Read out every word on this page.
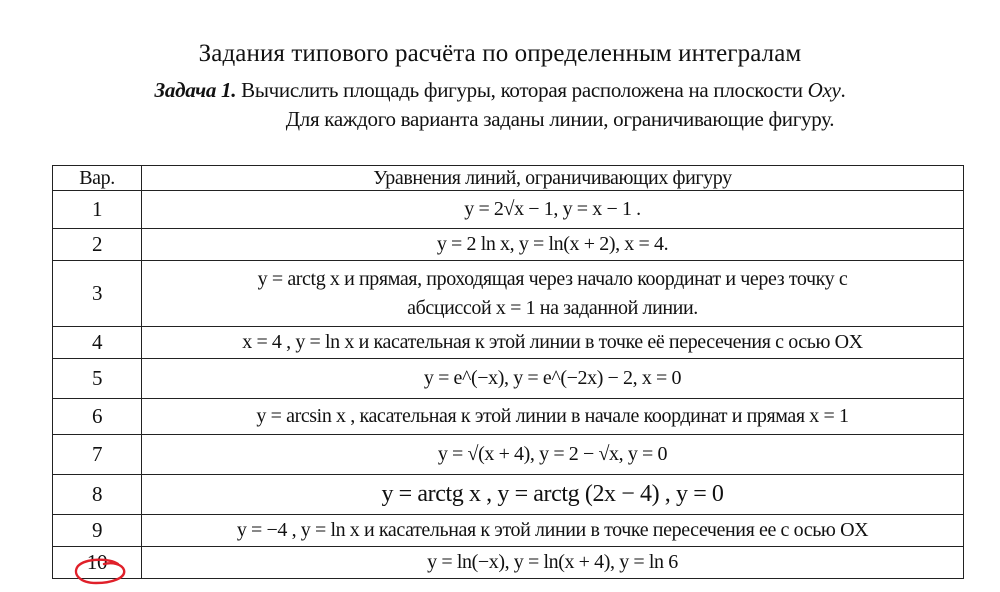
Задания типового расчёта по определенным интегралам
Задача 1. Вычислить площадь фигуры, которая расположена на плоскости Oxy.
Для каждого варианта заданы линии, ограничивающие фигуру.
Вар.	Уравнения линий, ограничивающих фигуру
1	y = 2√x − 1, y = x − 1 .
2	y = 2 ln x, y = ln(x + 2), x = 4.
3	y = arctg x и прямая, проходящая через начало координат и через точку с
абсциссой x = 1 на заданной линии.

4	x = 4 , y = ln x и касательная к этой линии в точке её пересечения с осью OX
5	y = e^(−x), y = e^(−2x) − 2, x = 0
6	y = arcsin x , касательная к этой линии в начале координат и прямая x = 1
7	y = √(x + 4), y = 2 − √x, y = 0
8	y = arctg x , y = arctg (2x − 4) , y = 0
9	y = −4 , y = ln x и касательная к этой линии в точке пересечения ее с осью OX
10	y = ln(−x), y = ln(x + 4), y = ln 6
